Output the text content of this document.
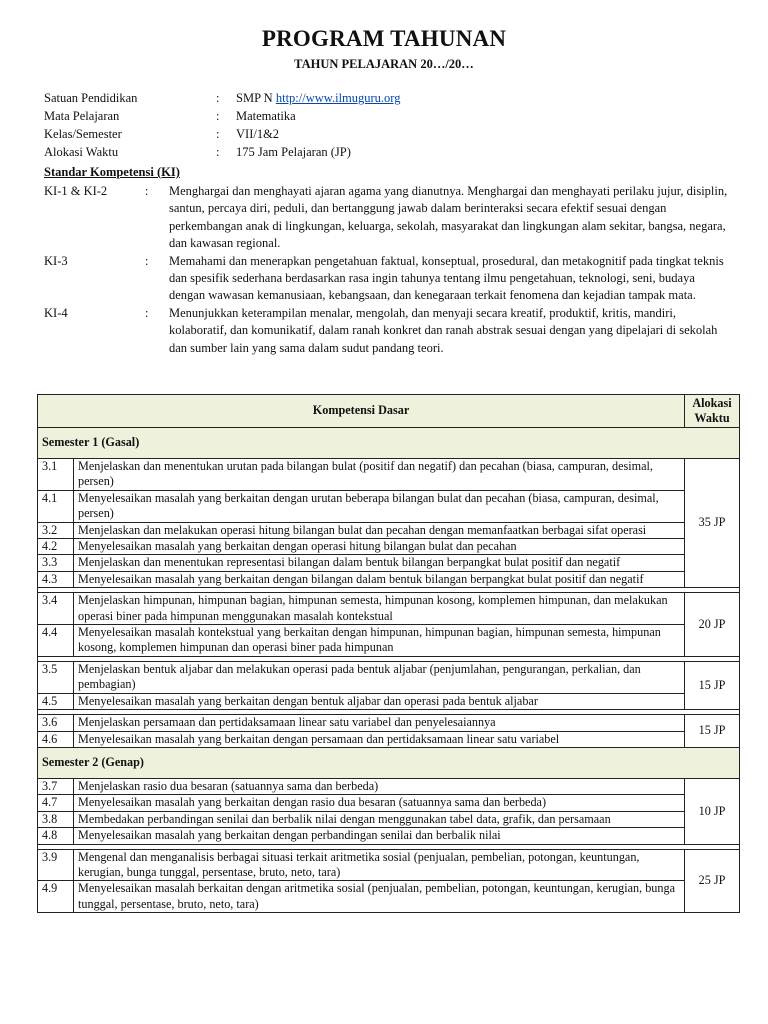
PROGRAM TAHUNAN
TAHUN PELAJARAN 20…/20…
Satuan Pendidikan	:	SMP N http://www.ilmuguru.org
Mata Pelajaran	:	Matematika
Kelas/Semester	:	VII/1&2
Alokasi Waktu	:	175 Jam Pelajaran (JP)
Standar Kompetensi (KI)
KI-1 & KI-2	:	Menghargai dan menghayati ajaran agama yang dianutnya. Menghargai dan menghayati perilaku jujur, disiplin, santun, percaya diri, peduli, dan bertanggung jawab dalam berinteraksi secara efektif sesuai dengan perkembangan anak di lingkungan, keluarga, sekolah, masyarakat dan lingkungan alam sekitar, bangsa, negara, dan kawasan regional.
KI-3	:	Memahami dan menerapkan pengetahuan faktual, konseptual, prosedural, dan metakognitif pada tingkat teknis dan spesifik sederhana berdasarkan rasa ingin tahunya tentang ilmu pengetahuan, teknologi, seni, budaya dengan wawasan kemanusiaan, kebangsaan, dan kenegaraan terkait fenomena dan kejadian tampak mata.
KI-4	:	Menunjukkan keterampilan menalar, mengolah, dan menyaji secara kreatif, produktif, kritis, mandiri, kolaboratif, dan komunikatif, dalam ranah konkret dan ranah abstrak sesuai dengan yang dipelajari di sekolah dan sumber lain yang sama dalam sudut pandang teori.
Kompetensi Dasar		Alokasi Waktu
Semester 1 (Gasal)		
3.1	Menjelaskan dan menentukan urutan pada bilangan bulat (positif dan negatif) dan pecahan (biasa, campuran, desimal, persen)	35 JP
4.1	Menyelesaikan masalah yang berkaitan dengan urutan beberapa bilangan bulat dan pecahan (biasa, campuran, desimal, persen)	
3.2	Menjelaskan dan melakukan operasi hitung bilangan bulat dan pecahan dengan memanfaatkan berbagai sifat operasi	
4.2	Menyelesaikan masalah yang berkaitan dengan operasi hitung bilangan bulat dan pecahan	
3.3	Menjelaskan dan menentukan representasi bilangan dalam bentuk bilangan berpangkat bulat positif dan negatif	
4.3	Menyelesaikan masalah yang berkaitan dengan bilangan dalam bentuk bilangan berpangkat bulat positif dan negatif	

3.4	Menjelaskan himpunan, himpunan bagian, himpunan semesta, himpunan kosong, komplemen himpunan, dan melakukan operasi biner pada himpunan menggunakan masalah kontekstual	20 JP
4.4	Menyelesaikan masalah kontekstual yang berkaitan dengan himpunan, himpunan bagian, himpunan semesta, himpunan kosong, komplemen himpunan dan operasi biner pada himpunan	

3.5	Menjelaskan bentuk aljabar dan melakukan operasi pada bentuk aljabar (penjumlahan, pengurangan, perkalian, dan pembagian)	15 JP
4.5	Menyelesaikan masalah yang berkaitan dengan bentuk aljabar dan operasi pada bentuk aljabar	

3.6	Menjelaskan persamaan dan pertidaksamaan linear satu variabel dan penyelesaiannya	15 JP
4.6	Menyelesaikan masalah yang berkaitan dengan persamaan dan pertidaksamaan linear satu variabel	
Semester 2 (Genap)		
3.7	Menjelaskan rasio dua besaran (satuannya sama dan berbeda)	10 JP
4.7	Menyelesaikan masalah yang berkaitan dengan rasio dua besaran (satuannya sama dan berbeda)	
3.8	Membedakan perbandingan senilai dan berbalik nilai dengan menggunakan tabel data, grafik, dan persamaan	
4.8	Menyelesaikan masalah yang berkaitan dengan perbandingan senilai dan berbalik nilai	

3.9	Mengenal dan menganalisis berbagai situasi terkait aritmetika sosial (penjualan, pembelian, potongan, keuntungan, kerugian, bunga tunggal, persentase, bruto, neto, tara)	25 JP
4.9	Menyelesaikan masalah berkaitan dengan aritmetika sosial (penjualan, pembelian, potongan, keuntungan, kerugian, bunga tunggal, persentase, bruto, neto, tara)	
